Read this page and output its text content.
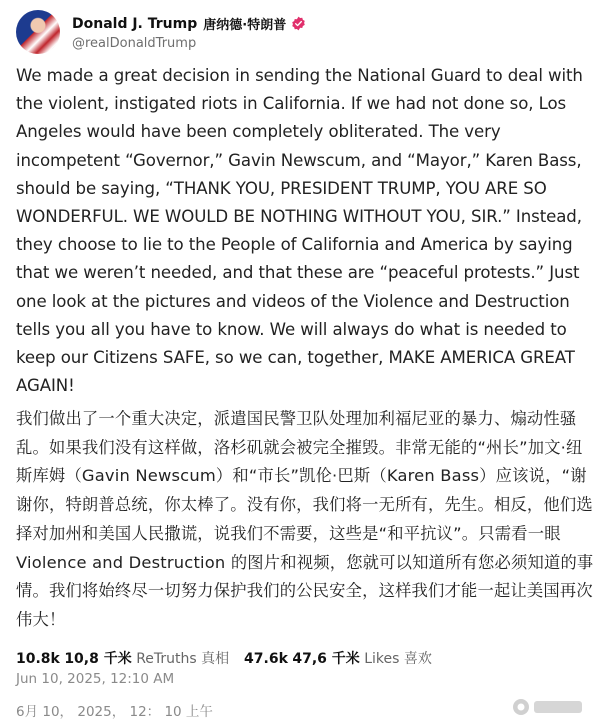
Donald J. Trump 唐纳德·特朗普
@realDonaldTrump
We made a great decision in sending the National Guard to deal with the violent, instigated riots in California. If we had not done so, Los Angeles would have been completely obliterated. The very incompetent “Governor,” Gavin Newscum, and “Mayor,” Karen Bass, should be saying, “THANK YOU, PRESIDENT TRUMP, YOU ARE SO WONDERFUL. WE WOULD BE NOTHING WITHOUT YOU, SIR.” Instead, they choose to lie to the People of California and America by saying that we weren’t needed, and that these are “peaceful protests.” Just one look at the pictures and videos of the Violence and Destruction tells you all you have to know. We will always do what is needed to keep our Citizens SAFE, so we can, together, MAKE AMERICA GREAT AGAIN!
我们做出了一个重大决定，派遣国民警卫队处理加利福尼亚的暴力、煽动性骚乱。如果我们没有这样做，洛杉矶就会被完全摧毁。非常无能的“州长”加文·纽斯库姆（Gavin Newscum）和“市长”凯伦·巴斯（Karen Bass）应该说，“谢谢你，特朗普总统，你太棒了。没有你，我们将一无所有，先生。相反，他们选择对加州和美国人民撒谎，说我们不需要，这些是“和平抗议”。只需看一眼 Violence and Destruction 的图片和视频，您就可以知道所有您必须知道的事情。我们将始终尽一切努力保护我们的公民安全，这样我们才能一起让美国再次伟大！
10.8k 10,8 千米 ReTruths 真相 47.6k 47,6 千米 Likes 喜欢
Jun 10, 2025, 12:10 AM
6月 10， 2025， 12： 10 上午
